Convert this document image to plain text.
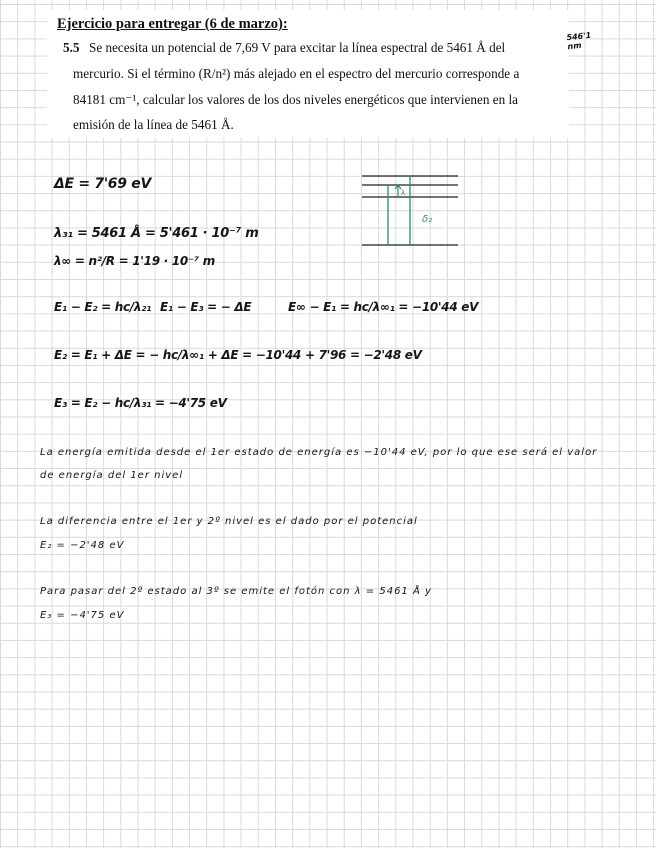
Ejercicio para entregar (6 de marzo):
546'1 nm
5.5 Se necesita un potencial de 7,69 V para excitar la línea espectral de 5461 Å del
mercurio. Si el término (R/n²) más alejado en el espectro del mercurio corresponde a
84181 cm⁻¹, calcular los valores de los dos niveles energéticos que intervienen en la
emisión de la línea de 5461 Å.
λ
δ₂
ΔE = 7'69 eV
λ₃₁ = 5461 Å = 5'461 · 10⁻⁷ m
λ∞ = n²/R = 1'19 · 10⁻⁷ m
E₁ − E₂ = hc/λ₂₁ E₁ − E₃ = − ΔE	E∞ − E₁ = hc/λ∞₁ = −10'44 eV
E₂ = E₁ + ΔE = − hc/λ∞₁ + ΔE = −10'44 + 7'96 = −2'48 eV
E₃ = E₂ − hc/λ₃₁ = −4'75 eV
La energía emitida desde el 1er estado de energía es −10'44 eV, por lo que ese será el valor
de energía del 1er nivel
La diferencia entre el 1er y 2º nivel es el dado por el potencial
E₂ = −2'48 eV
Para pasar del 2º estado al 3º se emite el fotón con λ = 5461 Å y
E₃ = −4'75 eV
